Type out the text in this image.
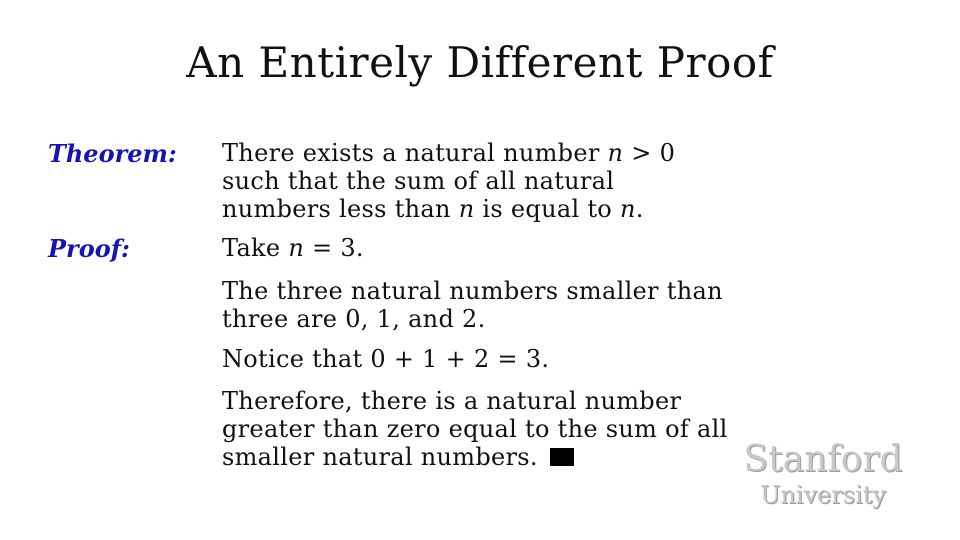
An Entirely Different Proof
Theorem: There exists a natural number n > 0
such that the sum of all natural
numbers less than n is equal to n.
Proof:	Take n = 3.
The three natural numbers smaller than
three are 0, 1, and 2.
Notice that 0 + 1 + 2 = 3.
Therefore, there is a natural number
greater than zero equal to the sum of all
smaller natural numbers.	Stanford
University
